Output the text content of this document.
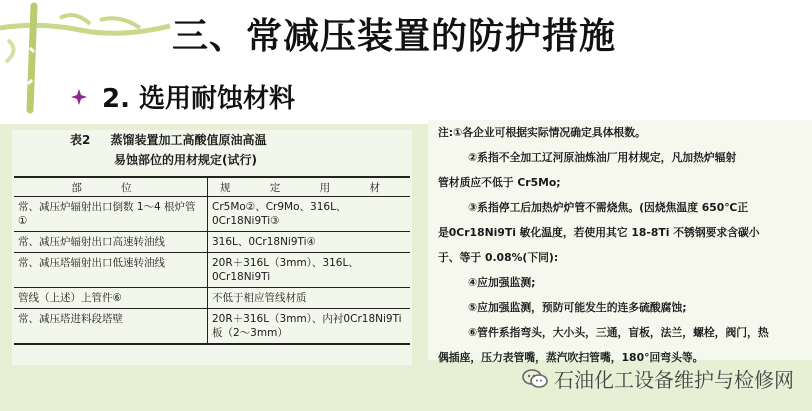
三、常减压装置的防护措施
2. 选用耐蚀材料
表2 蒸馏装置加工高酸值原油高温
易蚀部位的用材规定(试行)
部 位	规 定 用 材
常、减压炉辐射出口倒数 1～4 根炉管①	Cr5Mo②、Cr9Mo、316L、0Cr18Ni9Ti③
常、减压炉辐射出口高速转油线	316L、0Cr18Ni9Ti④
常、减压塔辐射出口低速转油线	20R＋316L（3mm）、316L、0Cr18Ni9Ti
管线（上述）上管件⑥	不低于相应管线材质
常、减压塔进料段塔壁	20R＋316L（3mm）、内衬0Cr18Ni9Ti板（2～3mm）
注:①各企业可根据实际情况确定具体根数。
②系指不全加工辽河原油炼油厂用材规定，凡加热炉辐射
管材质应不低于 Cr5Mo;
③系指停工后加热炉炉管不需烧焦。(因烧焦温度 650℃正
是0Cr18Ni9Ti 敏化温度，若使用其它 18-8Ti 不锈钢要求含碳小
于、等于 0.08%(下同):
④应加强监测;
⑤应加强监测，预防可能发生的连多硫酸腐蚀;
⑥管件系指弯头，大小头，三通，盲板，法兰，螺栓，阀门，热
偶插座，压力表管嘴，蒸汽吹扫管嘴，180°回弯头等。
石油化工设备维护与检修网
